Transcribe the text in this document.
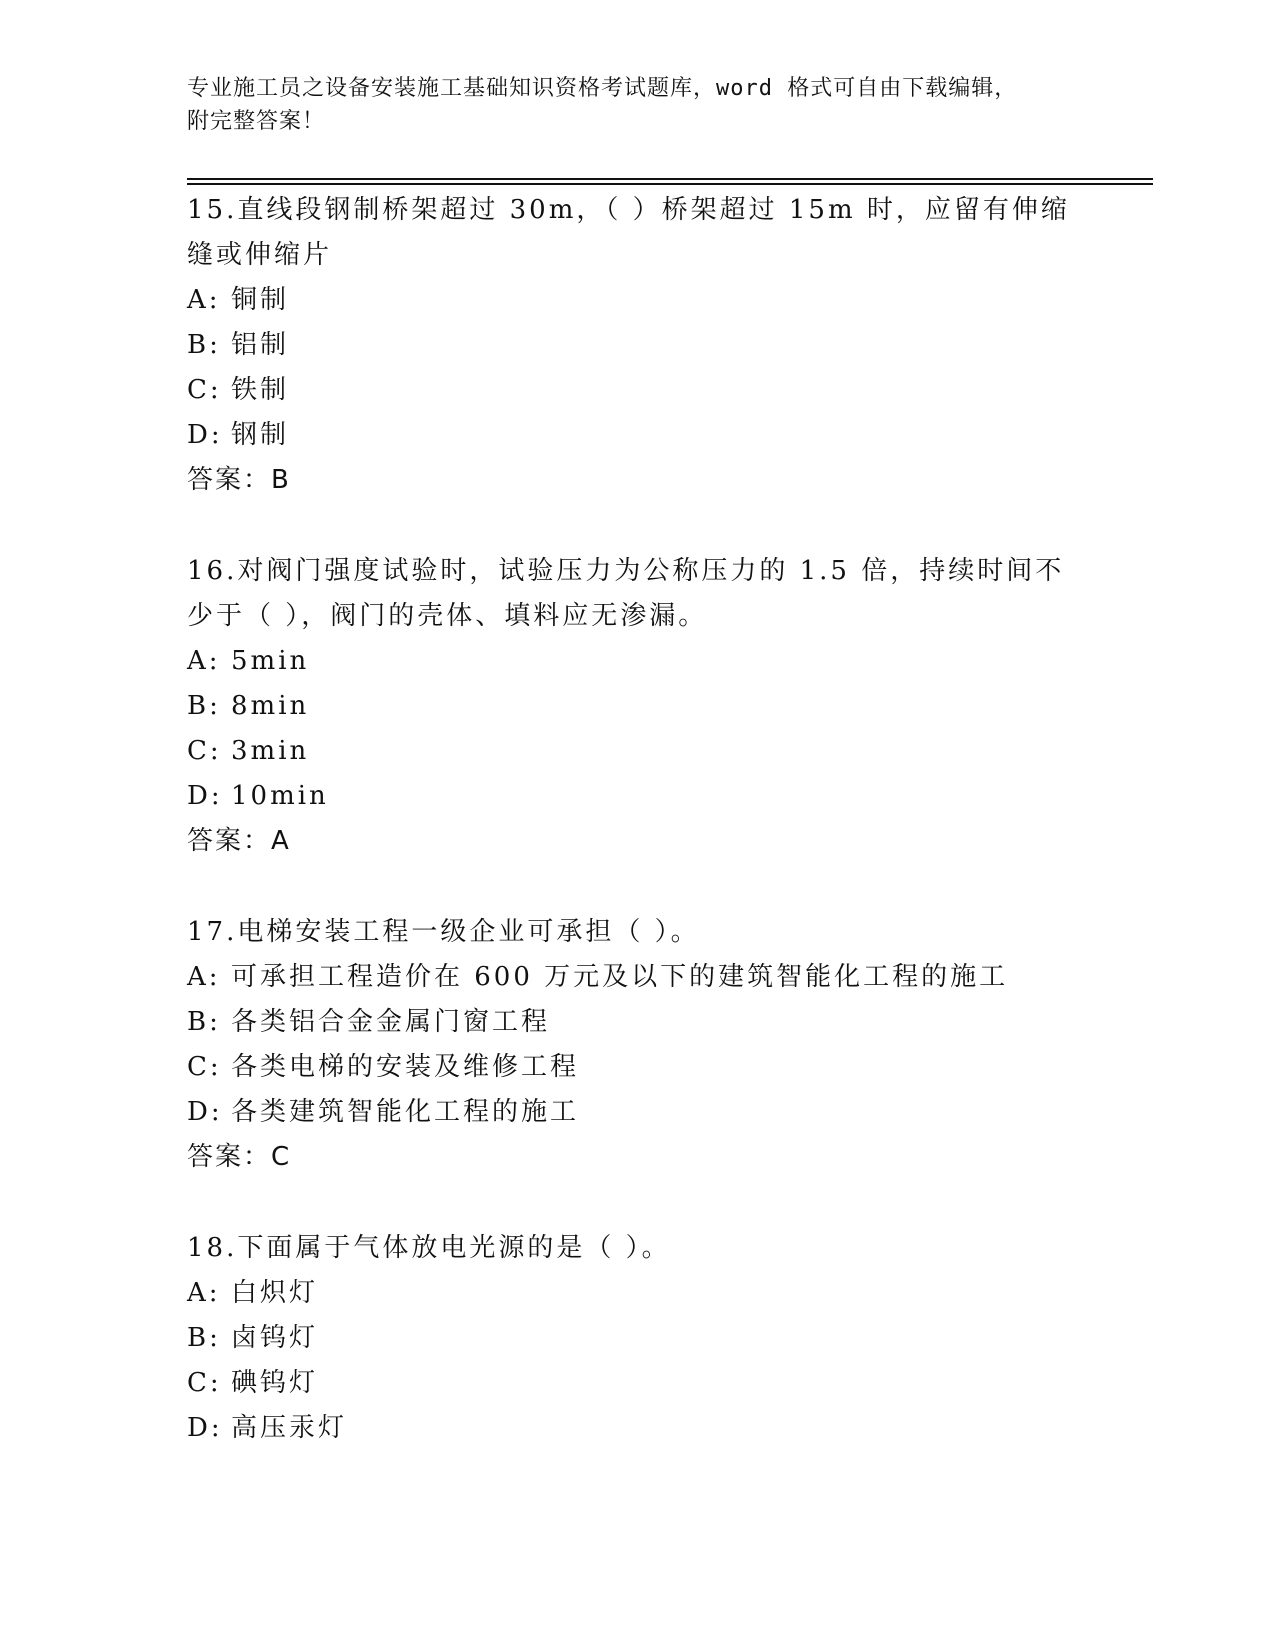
专业施工员之设备安装施工基础知识资格考试题库，word 格式可自由下载编辑，
附完整答案！
15.直线段钢制桥架超过 30m，（ ）桥架超过 15m 时，应留有伸缩缝或伸缩片
A: 铜制
B: 铝制
C: 铁制
D: 钢制
答案：B
16.对阀门强度试验时，试验压力为公称压力的 1.5 倍，持续时间不少于（ ），阀门的壳体、填料应无渗漏。
A: 5min
B: 8min
C: 3min
D: 10min
答案：A
17.电梯安装工程一级企业可承担（ ）。
A: 可承担工程造价在 600 万元及以下的建筑智能化工程的施工
B: 各类铝合金金属门窗工程
C: 各类电梯的安装及维修工程
D: 各类建筑智能化工程的施工
答案：C
18.下面属于气体放电光源的是（ ）。
A: 白炽灯
B: 卤钨灯
C: 碘钨灯
D: 高压汞灯
